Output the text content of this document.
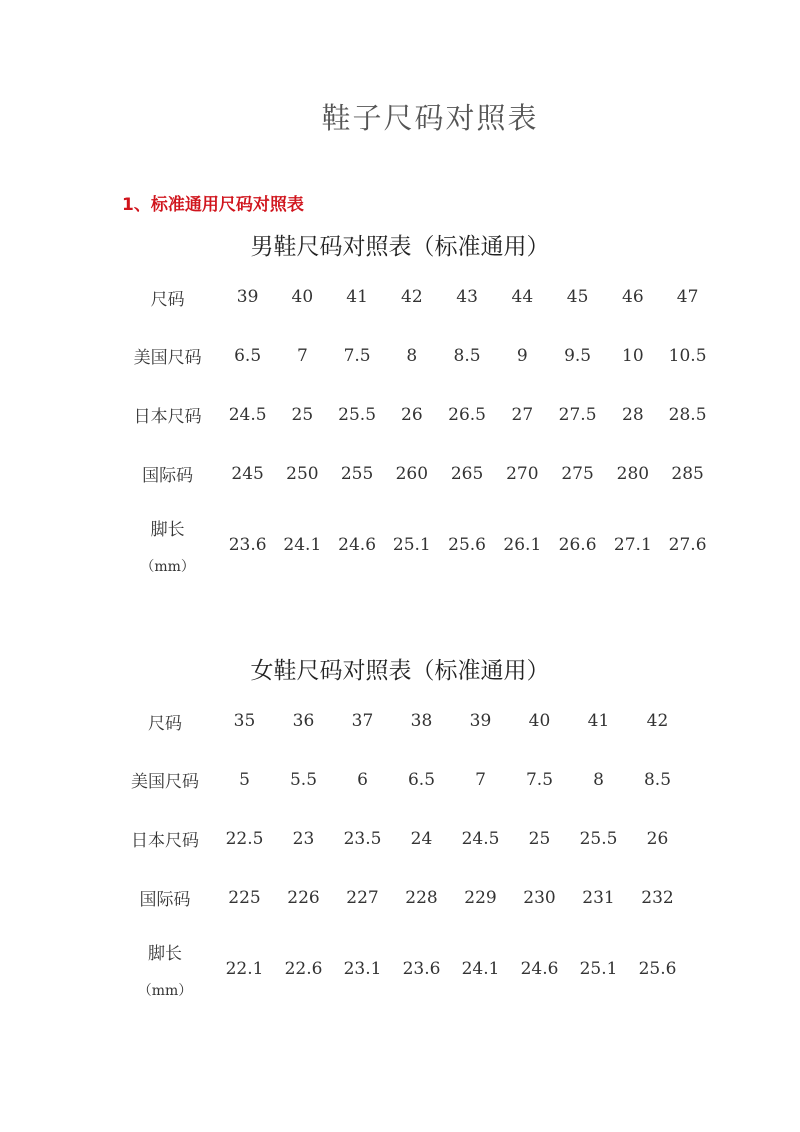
鞋子尺码对照表
1、标准通用尺码对照表
男鞋尺码对照表（标准通用）
尺码	39	40	41	42	43	44	45	46	47

美国尺码	6.5	7	7.5	8	8.5	9	9.5	10	10.5

日本尺码	24.5	25	25.5	26	26.5	27	27.5	28	28.5

国际码	245	250	255	260	265	270	275	280	285

脚长
（mm）	23.6	24.1	24.6	25.1	25.6	26.1	26.6	27.1	27.6
女鞋尺码对照表（标准通用）
尺码	35	36	37	38	39	40	41	42

美国尺码	5	5.5	6	6.5	7	7.5	8	8.5

日本尺码	22.5	23	23.5	24	24.5	25	25.5	26

国际码	225	226	227	228	229	230	231	232

脚长
（mm）	22.1	22.6	23.1	23.6	24.1	24.6	25.1	25.6
